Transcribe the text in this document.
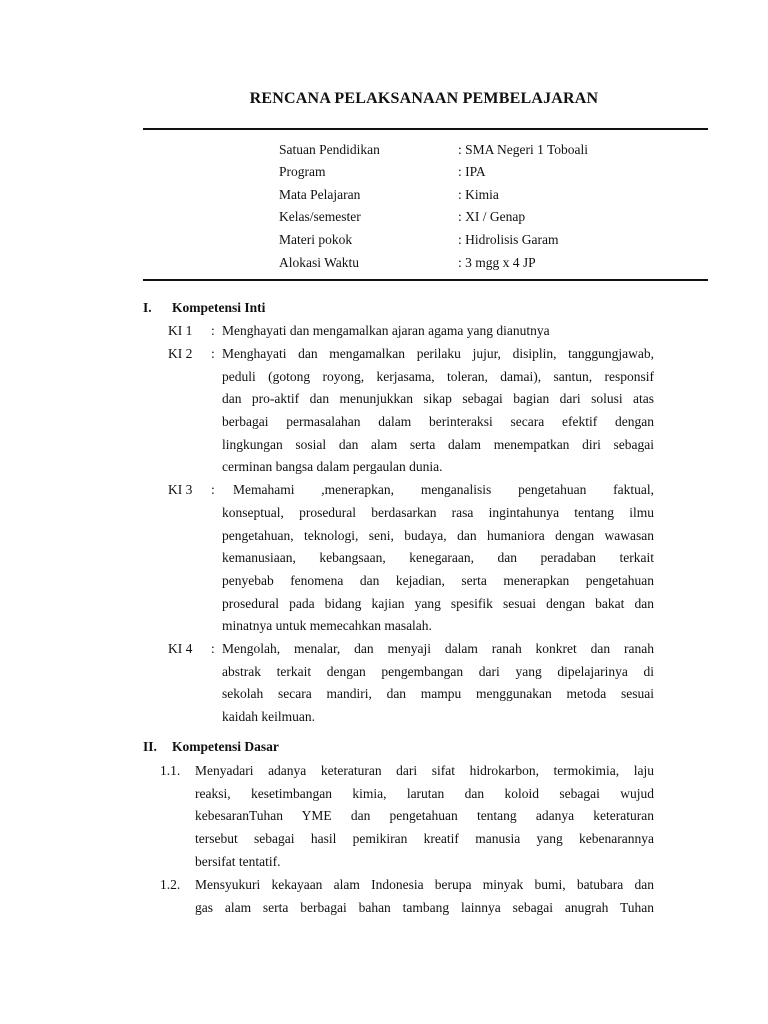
RENCANA PELAKSANAAN PEMBELAJARAN
Satuan Pendidikan	: SMA Negeri 1 Toboali
Program	: IPA
Mata Pelajaran	: Kimia
Kelas/semester	: XI / Genap
Materi pokok	: Hidrolisis Garam
Alokasi Waktu	: 3 mgg x 4 JP
I. Kompetensi Inti
KI 1 : Menghayati dan mengamalkan ajaran agama yang dianutnya
KI 2 : Menghayati dan mengamalkan perilaku jujur, disiplin, tanggungjawab,
peduli (gotong royong, kerjasama, toleran, damai), santun, responsif
dan pro-aktif dan menunjukkan sikap sebagai bagian dari solusi atas
berbagai permasalahan dalam berinteraksi secara efektif dengan
lingkungan sosial dan alam serta dalam menempatkan diri sebagai
cerminan bangsa dalam pergaulan dunia.
KI 3 : Memahami ,menerapkan, menganalisis pengetahuan faktual,
konseptual, prosedural berdasarkan rasa ingintahunya tentang ilmu
pengetahuan, teknologi, seni, budaya, dan humaniora dengan wawasan
kemanusiaan, kebangsaan, kenegaraan, dan peradaban terkait
penyebab fenomena dan kejadian, serta menerapkan pengetahuan
prosedural pada bidang kajian yang spesifik sesuai dengan bakat dan
minatnya untuk memecahkan masalah.
KI 4 : Mengolah, menalar, dan menyaji dalam ranah konkret dan ranah
abstrak terkait dengan pengembangan dari yang dipelajarinya di
sekolah secara mandiri, dan mampu menggunakan metoda sesuai
kaidah keilmuan.
II. Kompetensi Dasar
1.1. Menyadari adanya keteraturan dari sifat hidrokarbon, termokimia, laju
reaksi, kesetimbangan kimia, larutan dan koloid sebagai wujud
kebesaranTuhan YME dan pengetahuan tentang adanya keteraturan
tersebut sebagai hasil pemikiran kreatif manusia yang kebenarannya
bersifat tentatif.
1.2. Mensyukuri kekayaan alam Indonesia berupa minyak bumi, batubara dan
gas alam serta berbagai bahan tambang lainnya sebagai anugrah Tuhan
